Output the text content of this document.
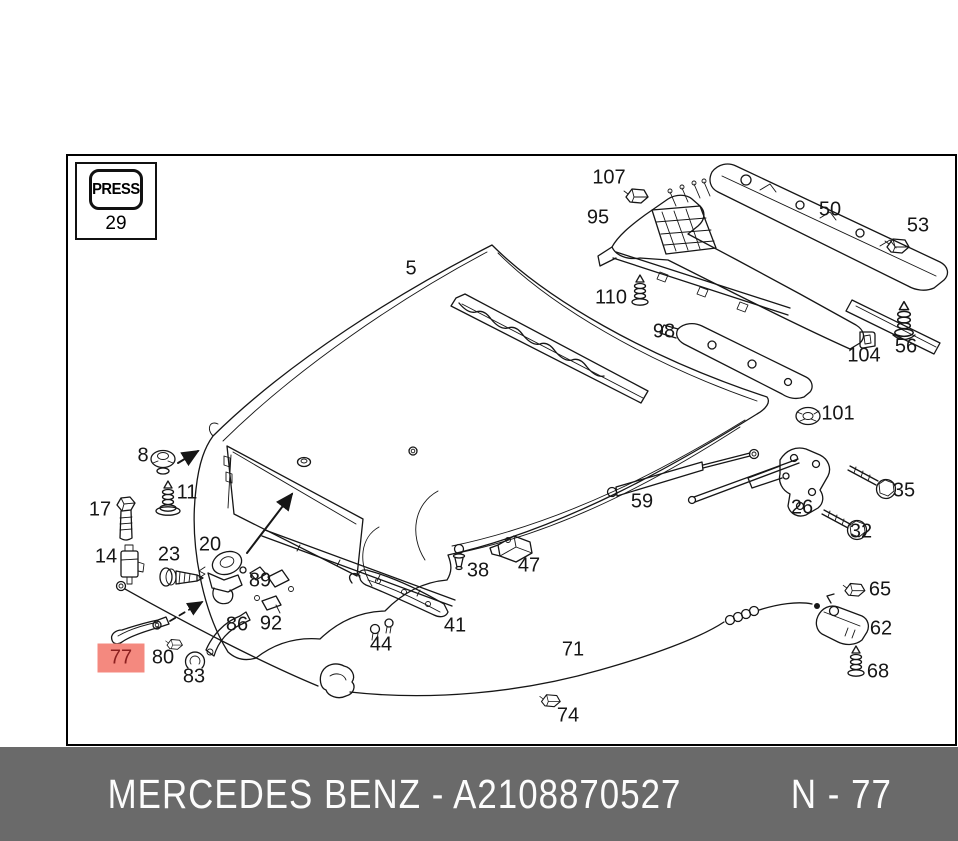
PRESS
29
5
8
11
14
17
20
23
26
32
35
38
41
44
47
50
53
56
59
62
65
68
71
74
77 80
83
86
89
92
95
98
101
104
107
110
MERCEDES BENZ - A2108870527	N - 77
